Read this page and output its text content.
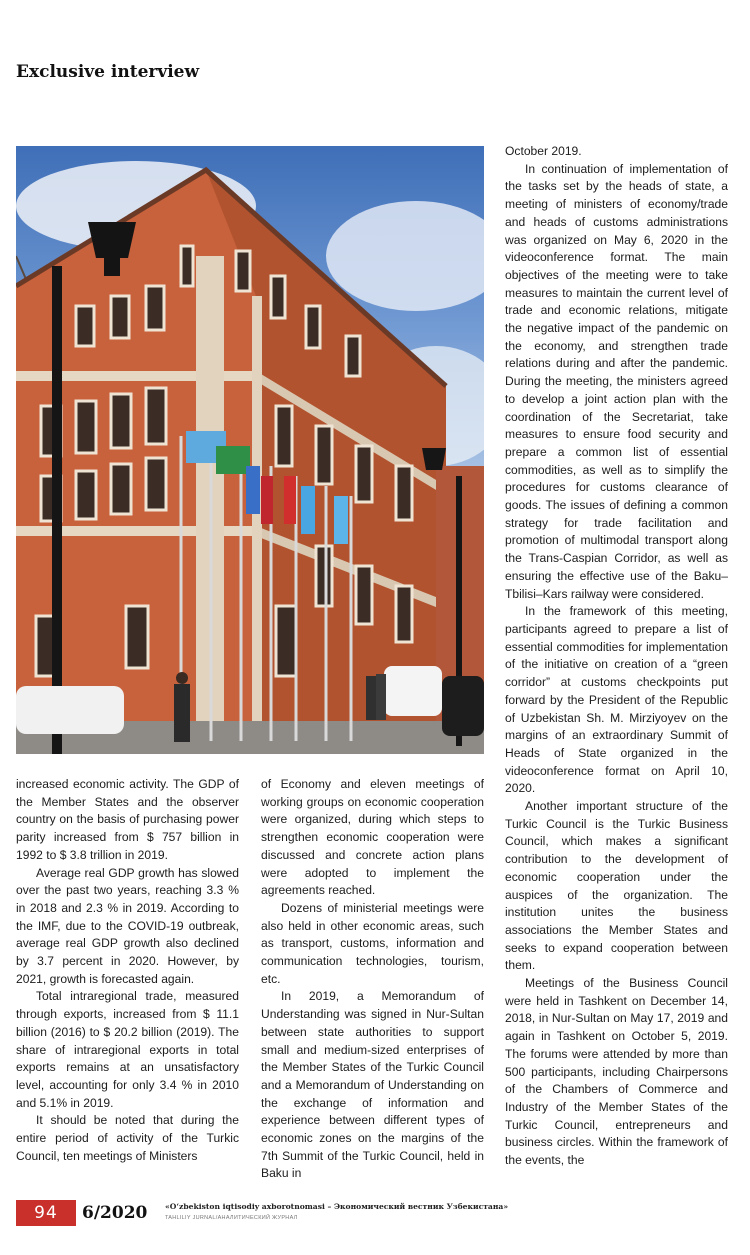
Exclusive interview

increased economic activity. The GDP of the Member States and the observer country on the basis of purchasing power parity increased from $ 757 billion in 1992 to $ 3.8 trillion in 2019.

Average real GDP growth has slowed over the past two years, reaching 3.3 % in 2018 and 2.3 % in 2019. According to the IMF, due to the COVID-19 outbreak, average real GDP growth also declined by 3.7 percent in 2020. However, by 2021, growth is forecasted again.

Total intraregional trade, measured through exports, increased from $ 11.1 billion (2016) to $ 20.2 billion (2019). The share of intraregional exports in total exports remains at an unsatisfactory level, accounting for only 3.4 % in 2010 and 5.1% in 2019.

It should be noted that during the entire period of activity of the Turkic Council, ten meetings of Ministers

of Economy and eleven meetings of working groups on economic cooperation were organized, during which steps to strengthen economic cooperation were discussed and concrete action plans were adopted to implement the agreements reached.

Dozens of ministerial meetings were also held in other economic areas, such as transport, customs, information and communication technologies, tourism, etc.

In 2019, a Memorandum of Understanding was signed in Nur-Sultan between state authorities to support small and medium-sized enterprises of the Member States of the Turkic Council and a Memorandum of Understanding on the exchange of information and experience between different types of economic zones on the margins of the 7th Summit of the Turkic Council, held in Baku in

October 2019.

In continuation of implementation of the tasks set by the heads of state, a meeting of ministers of economy/trade and heads of customs administrations was organized on May 6, 2020 in the videoconference format. The main objectives of the meeting were to take measures to maintain the current level of trade and economic relations, mitigate the negative impact of the pandemic on the economy, and strengthen trade relations during and after the pandemic. During the meeting, the ministers agreed to develop a joint action plan with the coordination of the Secretariat, take measures to ensure food security and prepare a common list of essential commodities, as well as to simplify the procedures for customs clearance of goods. The issues of defining a common strategy for trade facilitation and promotion of multimodal transport along the Trans-Caspian Corridor, as well as ensuring the effective use of the Baku–Tbilisi–Kars railway were considered.

In the framework of this meeting, participants agreed to prepare a list of essential commodities for implementation of the initiative on creation of a “green corridor” at customs checkpoints put forward by the President of the Republic of Uzbekistan Sh. M. Mirziyoyev on the margins of an extraordinary Summit of Heads of State organized in the videoconference format on April 10, 2020.

Another important structure of the Turkic Council is the Turkic Business Council, which makes a significant contribution to the development of economic cooperation under the auspices of the organization. The institution unites the business associations the Member States and seeks to expand cooperation between them.

Meetings of the Business Council were held in Tashkent on December 14, 2018, in Nur-Sultan on May 17, 2019 and again in Tashkent on October 5, 2019. The forums were attended by more than 500 participants, including Chairpersons of the Chambers of Commerce and Industry of the Member States of the Turkic Council, entrepreneurs and business circles. Within the framework of the events, the

94	6/2020 «O‘zbekiston iqtisodiy axborotnomasi – Экономический вестник Узбекистана»
TAHLILIY JURNAL/АНАЛИТИЧЕСКИЙ ЖУРНАЛ
